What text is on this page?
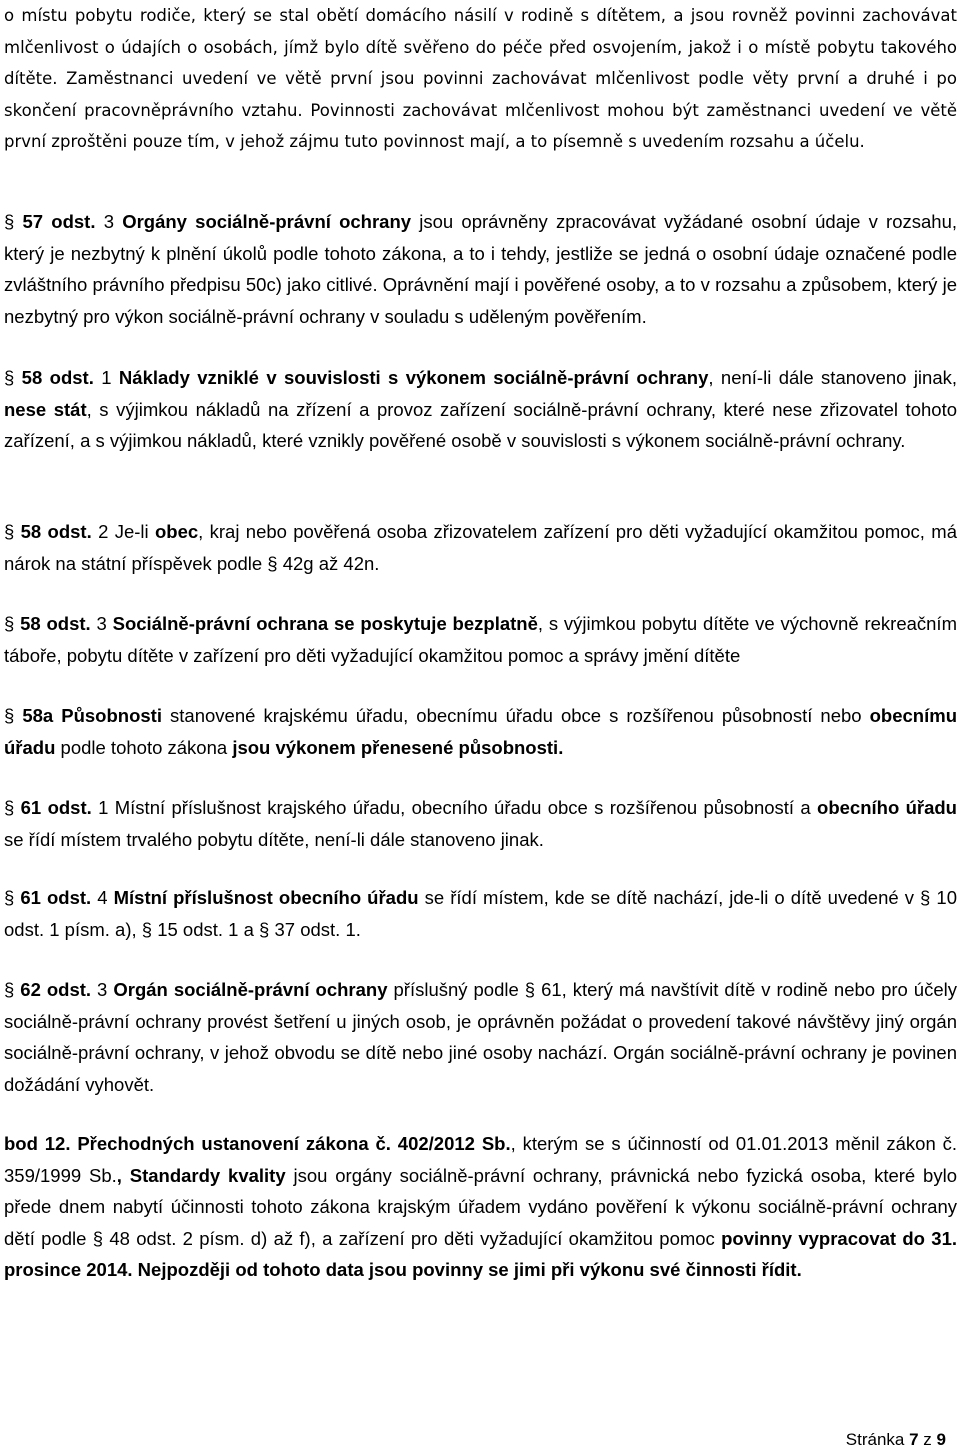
o místu pobytu rodiče, který se stal obětí domácího násilí v rodině s dítětem, a jsou rovněž povinni zachovávat mlčenlivost o údajích o osobách, jímž bylo dítě svěřeno do péče před osvojením, jakož i o místě pobytu takového dítěte. Zaměstnanci uvedení ve větě první jsou povinni zachovávat mlčenlivost podle věty první a druhé i po skončení pracovněprávního vztahu. Povinnosti zachovávat mlčenlivost mohou být zaměstnanci uvedení ve větě první zproštěni pouze tím, v jehož zájmu tuto povinnost mají, a to písemně s uvedením rozsahu a účelu.

§ 57 odst. 3 Orgány sociálně-právní ochrany jsou oprávněny zpracovávat vyžádané osobní údaje v rozsahu, který je nezbytný k plnění úkolů podle tohoto zákona, a to i tehdy, jestliže se jedná o osobní údaje označené podle zvláštního právního předpisu 50c) jako citlivé. Oprávnění mají i pověřené osoby, a to v rozsahu a způsobem, který je nezbytný pro výkon sociálně-právní ochrany v souladu s uděleným pověřením.

§ 58 odst. 1 Náklady vzniklé v souvislosti s výkonem sociálně-právní ochrany, není-li dále stanoveno jinak, nese stát, s výjimkou nákladů na zřízení a provoz zařízení sociálně-právní ochrany, které nese zřizovatel tohoto zařízení, a s výjimkou nákladů, které vznikly pověřené osobě v souvislosti s výkonem sociálně-právní ochrany.

§ 58 odst. 2 Je-li obec, kraj nebo pověřená osoba zřizovatelem zařízení pro děti vyžadující okamžitou pomoc, má nárok na státní příspěvek podle § 42g až 42n.

§ 58 odst. 3 Sociálně-právní ochrana se poskytuje bezplatně, s výjimkou pobytu dítěte ve výchovně rekreačním táboře, pobytu dítěte v zařízení pro děti vyžadující okamžitou pomoc a správy jmění dítěte

§ 58a Působnosti stanovené krajskému úřadu, obecnímu úřadu obce s rozšířenou působností nebo obecnímu úřadu podle tohoto zákona jsou výkonem přenesené působnosti.

§ 61 odst. 1 Místní příslušnost krajského úřadu, obecního úřadu obce s rozšířenou působností a obecního úřadu se řídí místem trvalého pobytu dítěte, není-li dále stanoveno jinak.

§ 61 odst. 4 Místní příslušnost obecního úřadu se řídí místem, kde se dítě nachází, jde-li o dítě uvedené v § 10 odst. 1 písm. a), § 15 odst. 1 a § 37 odst. 1.

§ 62 odst. 3 Orgán sociálně-právní ochrany příslušný podle § 61, který má navštívit dítě v rodině nebo pro účely sociálně-právní ochrany provést šetření u jiných osob, je oprávněn požádat o provedení takové návštěvy jiný orgán sociálně-právní ochrany, v jehož obvodu se dítě nebo jiné osoby nachází. Orgán sociálně-právní ochrany je povinen dožádání vyhovět.

bod 12. Přechodných ustanovení zákona č. 402/2012 Sb., kterým se s účinností od 01.01.2013 měnil zákon č. 359/1999 Sb., Standardy kvality jsou orgány sociálně-právní ochrany, právnická nebo fyzická osoba, které bylo přede dnem nabytí účinnosti tohoto zákona krajským úřadem vydáno pověření k výkonu sociálně-právní ochrany dětí podle § 48 odst. 2 písm. d) až f), a zařízení pro děti vyžadující okamžitou pomoc povinny vypracovat do 31. prosince 2014. Nejpozději od tohoto data jsou povinny se jimi při výkonu své činnosti řídit.

Stránka 7 z 9
